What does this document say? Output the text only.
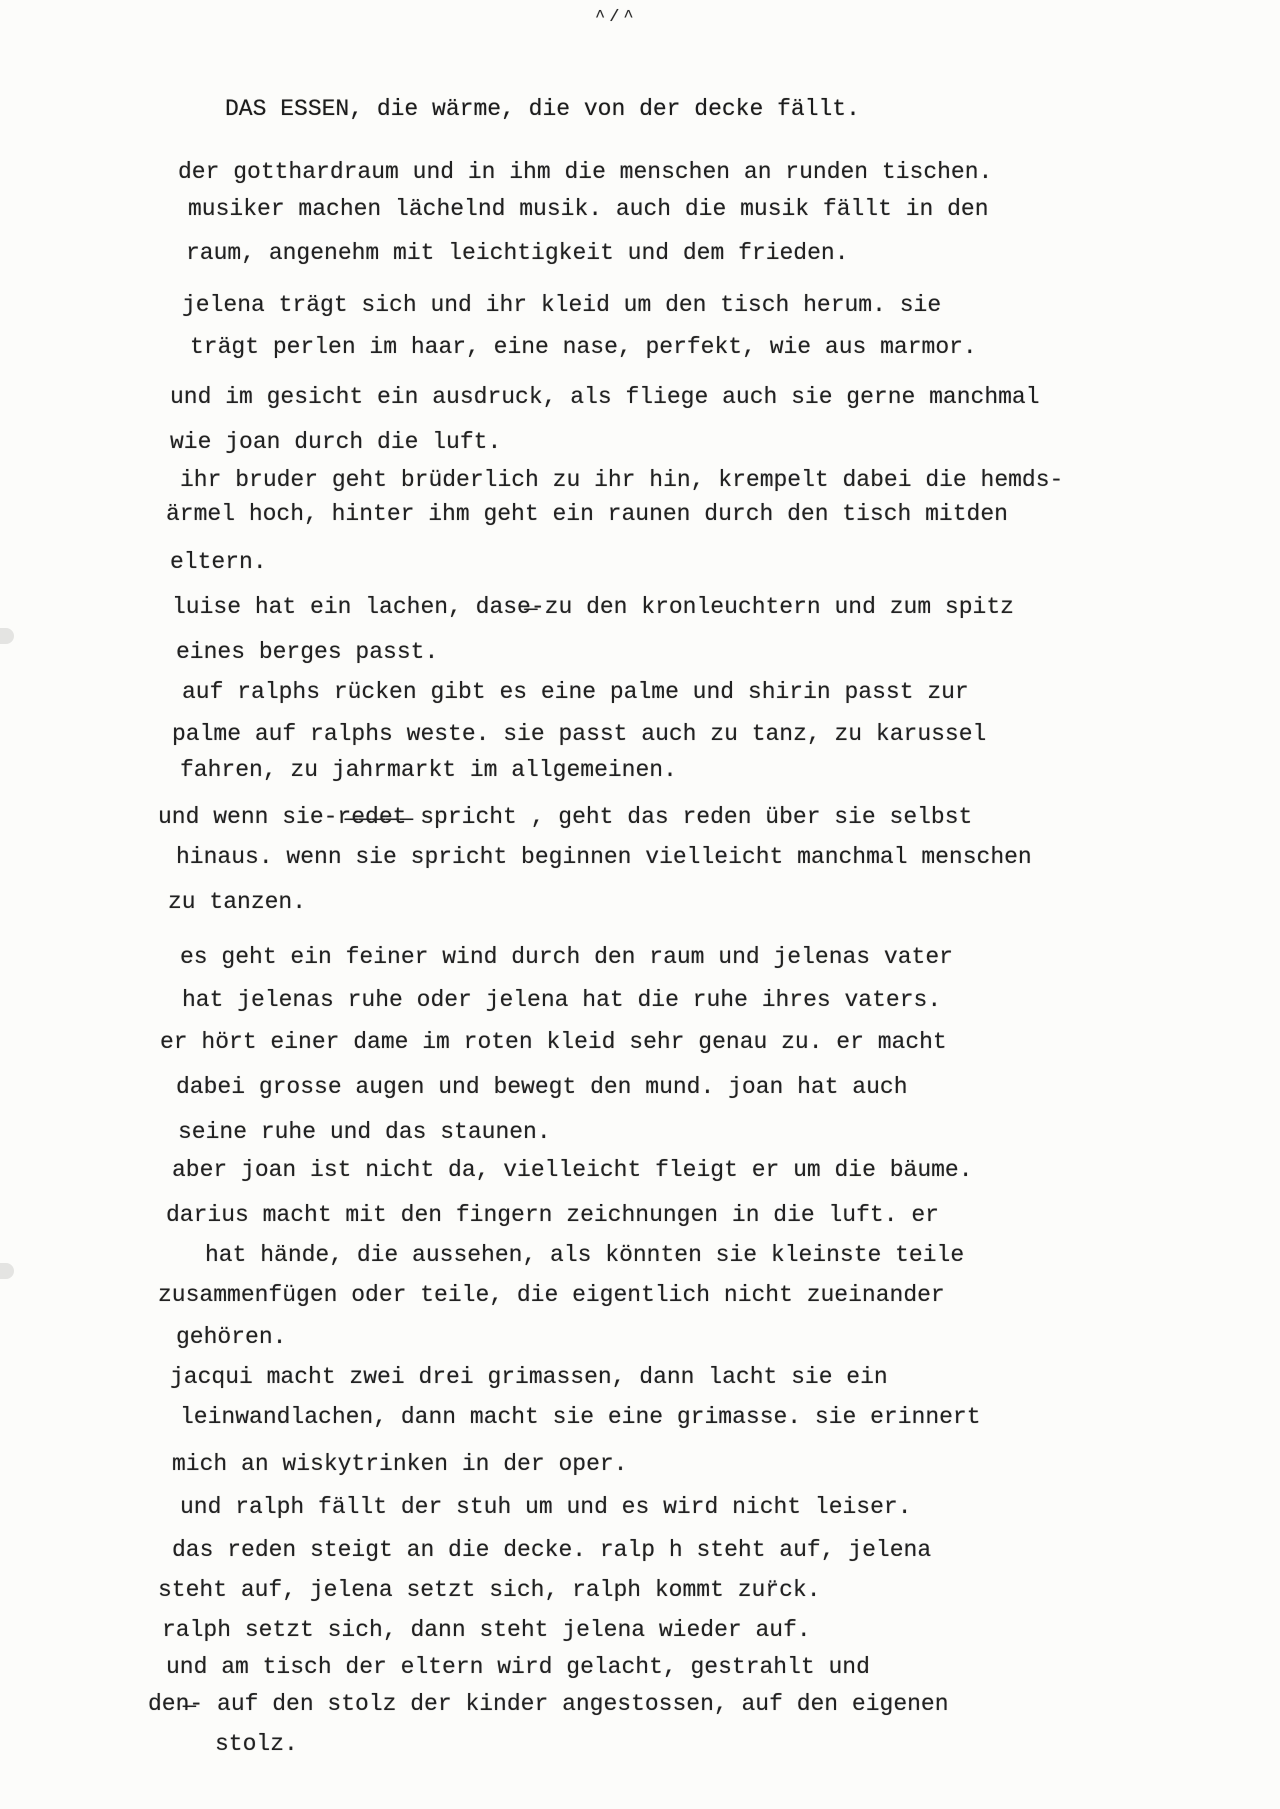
^/^
DAS ESSEN, die wärme, die von der decke fällt.
der gotthardraum und in ihm die menschen an runden tischen.
musiker machen lächelnd musik. auch die musik fällt in den
raum, angenehm mit leichtigkeit und dem frieden.
jelena trägt sich und ihr kleid um den tisch herum. sie
trägt perlen im haar, eine nase, perfekt, wie aus marmor.
und im gesicht ein ausdruck, als fliege auch sie gerne manchmal
wie joan durch die luft.
ihr bruder geht brüderlich zu ihr hin, krempelt dabei die hemds-
ärmel hoch, hinter ihm geht ein raunen durch den tisch mitden
eltern.
luise hat ein lachen, dase̶-zu den kronleuchtern und zum spitz
eines berges passt.
auf ralphs rücken gibt es eine palme und shirin passt zur
palme auf ralphs weste. sie passt auch zu tanz, zu karussel
fahren, zu jahrmarkt im allgemeinen.
und wenn sie-r̶e̶d̶e̶t̶ spricht , geht das reden über sie selbst
hinaus. wenn sie spricht beginnen vielleicht manchmal menschen
zu tanzen.
es geht ein feiner wind durch den raum und jelenas vater
hat jelenas ruhe oder jelena hat die ruhe ihres vaters.
er hört einer dame im roten kleid sehr genau zu. er macht
dabei grosse augen und bewegt den mund. joan hat auch
seine ruhe und das staunen.
aber joan ist nicht da, vielleicht fleigt er um die bäume.
darius macht mit den fingern zeichnungen in die luft. er
hat hände, die aussehen, als könnten sie kleinste teile
zusammenfügen oder teile, die eigentlich nicht zueinander
gehören.
jacqui macht zwei drei grimassen, dann lacht sie ein
leinwandlachen, dann macht sie eine grimasse. sie erinnert
mich an wiskytrinken in der oper.
und ralph fällt der stuh um und es wird nicht leiser.
das reden steigt an die decke. ralp h steht auf, jelena
steht auf, jelena setzt sich, ralph kommt zur̈ck.
ralph setzt sich, dann steht jelena wieder auf.
und am tisch der eltern wird gelacht, gestrahlt und
den̶- auf den stolz der kinder angestossen, auf den eigenen
stolz.
